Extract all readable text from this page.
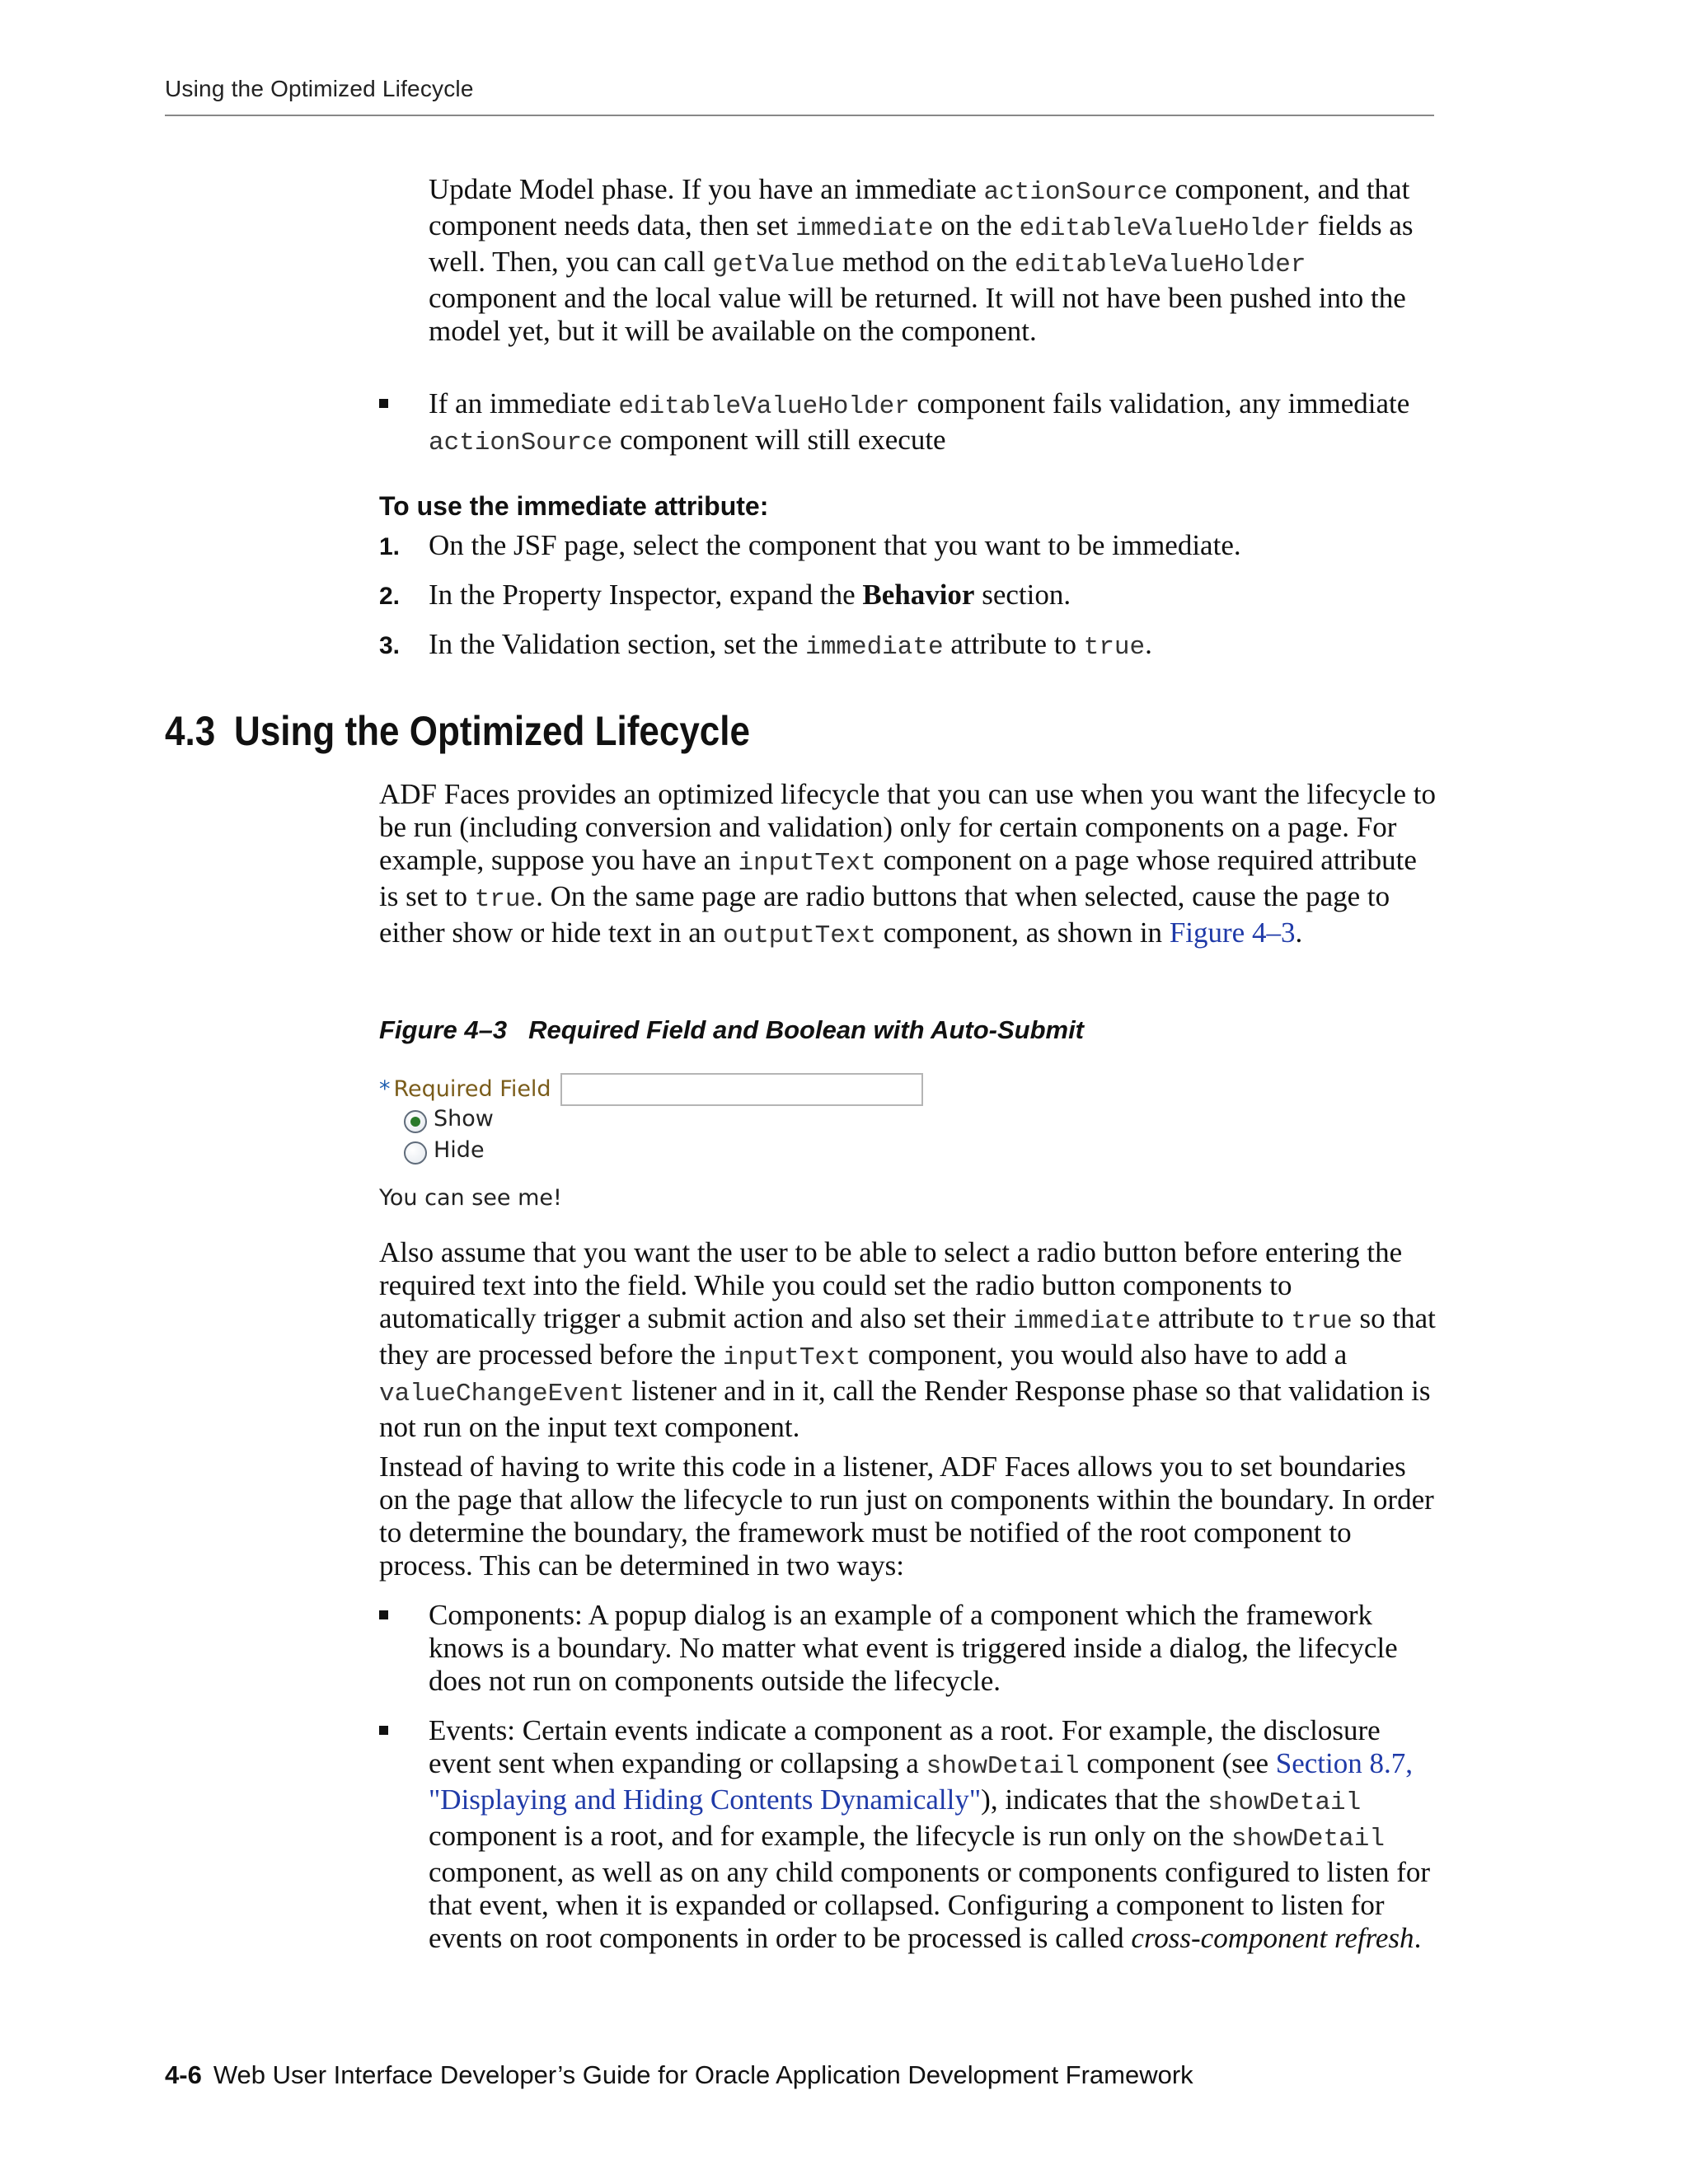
Using the Optimized Lifecycle
Update Model phase. If you have an immediate actionSource component, and that component needs data, then set immediate on the editableValueHolder fields as well. Then, you can call getValue method on the editableValueHolder component and the local value will be returned. It will not have been pushed into the model yet, but it will be available on the component.
If an immediate editableValueHolder component fails validation, any immediate actionSource component will still execute
To use the immediate attribute:
1. On the JSF page, select the component that you want to be immediate.
2. In the Property Inspector, expand the Behavior section.
3. In the Validation section, set the immediate attribute to true.
4.3 Using the Optimized Lifecycle
ADF Faces provides an optimized lifecycle that you can use when you want the lifecycle to be run (including conversion and validation) only for certain components on a page. For example, suppose you have an inputText component on a page whose required attribute is set to true. On the same page are radio buttons that when selected, cause the page to either show or hide text in an outputText component, as shown in Figure 4–3.
Figure 4–3 Required Field and Boolean with Auto-Submit
* Required Field
Show
Hide
You can see me!
Also assume that you want the user to be able to select a radio button before entering the required text into the field. While you could set the radio button components to automatically trigger a submit action and also set their immediate attribute to true so that they are processed before the inputText component, you would also have to add a valueChangeEvent listener and in it, call the Render Response phase so that validation is not run on the input text component.
Instead of having to write this code in a listener, ADF Faces allows you to set boundaries on the page that allow the lifecycle to run just on components within the boundary. In order to determine the boundary, the framework must be notified of the root component to process. This can be determined in two ways:
Components: A popup dialog is an example of a component which the framework knows is a boundary. No matter what event is triggered inside a dialog, the lifecycle does not run on components outside the lifecycle.
Events: Certain events indicate a component as a root. For example, the disclosure event sent when expanding or collapsing a showDetail component (see Section 8.7, "Displaying and Hiding Contents Dynamically"), indicates that the showDetail component is a root, and for example, the lifecycle is run only on the showDetail component, as well as on any child components or components configured to listen for that event, when it is expanded or collapsed. Configuring a component to listen for events on root components in order to be processed is called cross-component refresh.
4-6 Web User Interface Developer’s Guide for Oracle Application Development Framework
